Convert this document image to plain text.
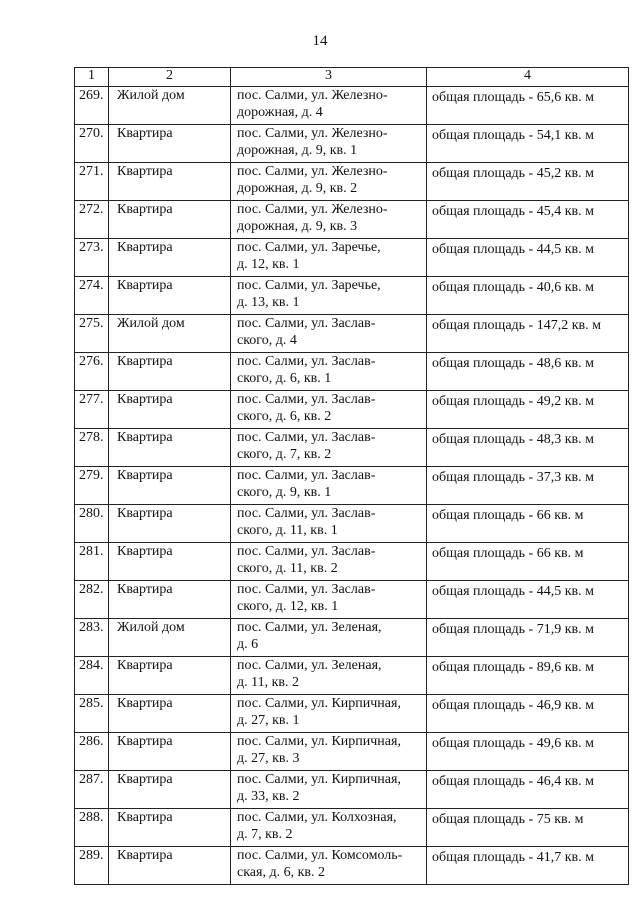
14
1	2	3	4
269.	Жилой дом	пос. Салми, ул. Железно-
дорожная, д. 4	общая площадь - 65,6 кв. м
270.	Квартира	пос. Салми, ул. Железно-
дорожная, д. 9, кв. 1	общая площадь - 54,1 кв. м
271.	Квартира	пос. Салми, ул. Железно-
дорожная, д. 9, кв. 2	общая площадь - 45,2 кв. м
272.	Квартира	пос. Салми, ул. Железно-
дорожная, д. 9, кв. 3	общая площадь - 45,4 кв. м
273.	Квартира	пос. Салми, ул. Заречье,
д. 12, кв. 1	общая площадь - 44,5 кв. м
274.	Квартира	пос. Салми, ул. Заречье,
д. 13, кв. 1	общая площадь - 40,6 кв. м
275.	Жилой дом	пос. Салми, ул. Заслав-
ского, д. 4	общая площадь - 147,2 кв. м
276.	Квартира	пос. Салми, ул. Заслав-
ского, д. 6, кв. 1	общая площадь - 48,6 кв. м
277.	Квартира	пос. Салми, ул. Заслав-
ского, д. 6, кв. 2	общая площадь - 49,2 кв. м
278.	Квартира	пос. Салми, ул. Заслав-
ского, д. 7, кв. 2	общая площадь - 48,3 кв. м
279.	Квартира	пос. Салми, ул. Заслав-
ского, д. 9, кв. 1	общая площадь - 37,3 кв. м
280.	Квартира	пос. Салми, ул. Заслав-
ского, д. 11, кв. 1	общая площадь - 66 кв. м
281.	Квартира	пос. Салми, ул. Заслав-
ского, д. 11, кв. 2	общая площадь - 66 кв. м
282.	Квартира	пос. Салми, ул. Заслав-
ского, д. 12, кв. 1	общая площадь - 44,5 кв. м
283.	Жилой дом	пос. Салми, ул. Зеленая,
д. 6	общая площадь - 71,9 кв. м
284.	Квартира	пос. Салми, ул. Зеленая,
д. 11, кв. 2	общая площадь - 89,6 кв. м
285.	Квартира	пос. Салми, ул. Кирпичная,
д. 27, кв. 1	общая площадь - 46,9 кв. м
286.	Квартира	пос. Салми, ул. Кирпичная,
д. 27, кв. 3	общая площадь - 49,6 кв. м
287.	Квартира	пос. Салми, ул. Кирпичная,
д. 33, кв. 2	общая площадь - 46,4 кв. м
288.	Квартира	пос. Салми, ул. Колхозная,
д. 7, кв. 2	общая площадь - 75 кв. м
289.	Квартира	пос. Салми, ул. Комсомоль-
ская, д. 6, кв. 2	общая площадь - 41,7 кв. м
